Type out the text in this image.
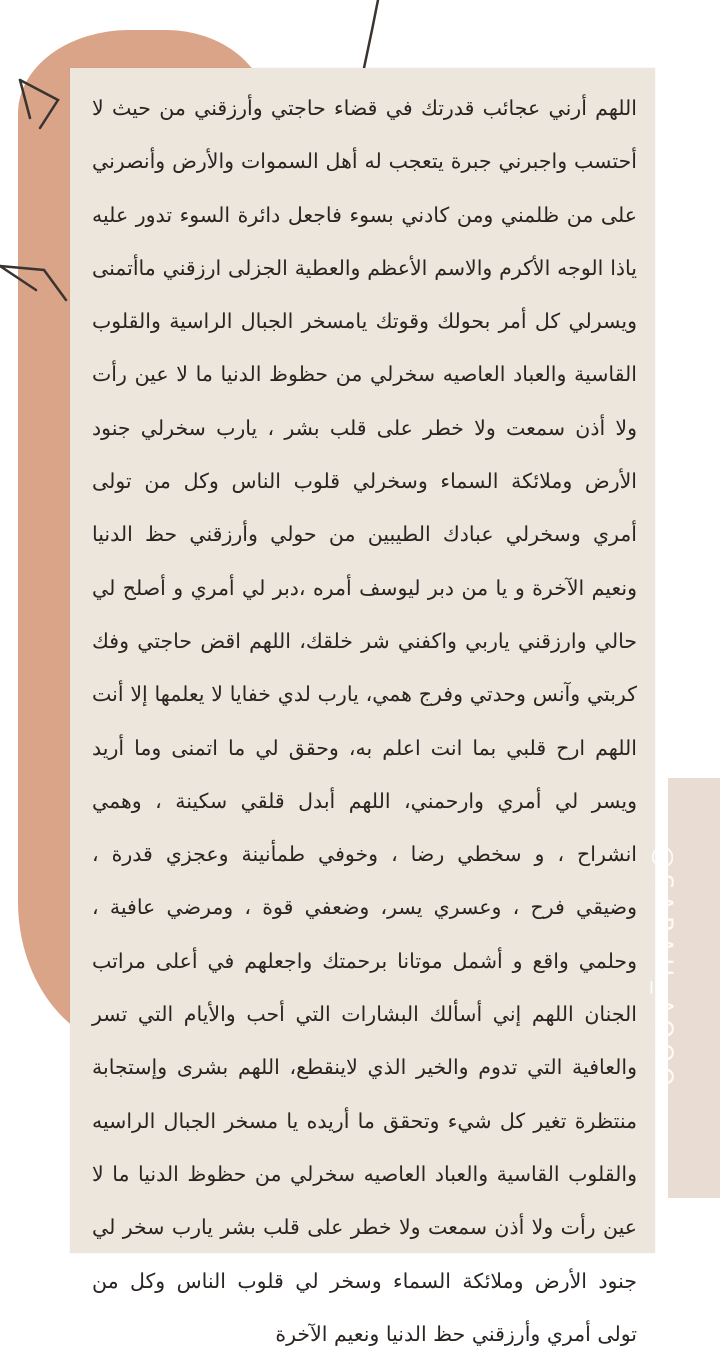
اللهم أرني عجائب قدرتك في قضاء حاجتي وأرزقني من حيث لا أحتسب واجبرني جبرة يتعجب له أهل السموات والأرض وأنصرني على من ظلمني ومن كادني بسوء فاجعل دائرة السوء تدور عليه ياذا الوجه الأكرم والاسم الأعظم والعطية الجزلى ارزقني ماأتمنى ويسرلي كل أمر بحولك وقوتك يامسخر الجبال الراسية والقلوب القاسية والعباد العاصيه سخرلي من حظوظ الدنيا ما لا عين رأت ولا أذن سمعت ولا خطر على قلب بشر ، يارب سخرلي جنود الأرض وملائكة السماء وسخرلي قلوب الناس وكل من تولى أمري وسخرلي عبادك الطيبين من حولي وأرزقني حظ الدنيا ونعيم الآخرة و يا من دبر ليوسف أمره ،دبر لي أمري و أصلح لي حالي وارزقني ياربي واكفني شر خلقك، اللهم اقض حاجتي وفك كربتي وآنس وحدتي وفرج همي، يارب لدي خفايا لا يعلمها إلا أنت اللهم ارح قلبي بما انت اعلم به، وحقق لي ما اتمنى وما أريد ويسر لي أمري وارحمني، اللهم أبدل قلقي سكينة ، وهمي انشراح ، و سخطي رضا ، وخوفي طمأنينة وعجزي قدرة ، وضيقي فرح ، وعسري يسر، وضعفي قوة ، ومرضي عافية ، وحلمي واقع و أشمل موتانا برحمتك واجعلهم في أعلى مراتب الجنان اللهم إني أسألك البشارات التي أحب والأيام التي تسر والعافية التي تدوم والخير الذي لاينقطع، اللهم بشرى وإستجابة منتظرة تغير كل شيء وتحقق ما أريده يا مسخر الجبال الراسيه والقلوب القاسية والعباد العاصيه سخرلي من حظوظ الدنيا ما لا عين رأت ولا أذن سمعت ولا خطر على قلب بشر يارب سخر لي جنود الأرض وملائكة السماء وسخر لي قلوب الناس وكل من تولى أمري وأرزقني حظ الدنيا ونعيم الآخرة

@SARAH_AOOO
